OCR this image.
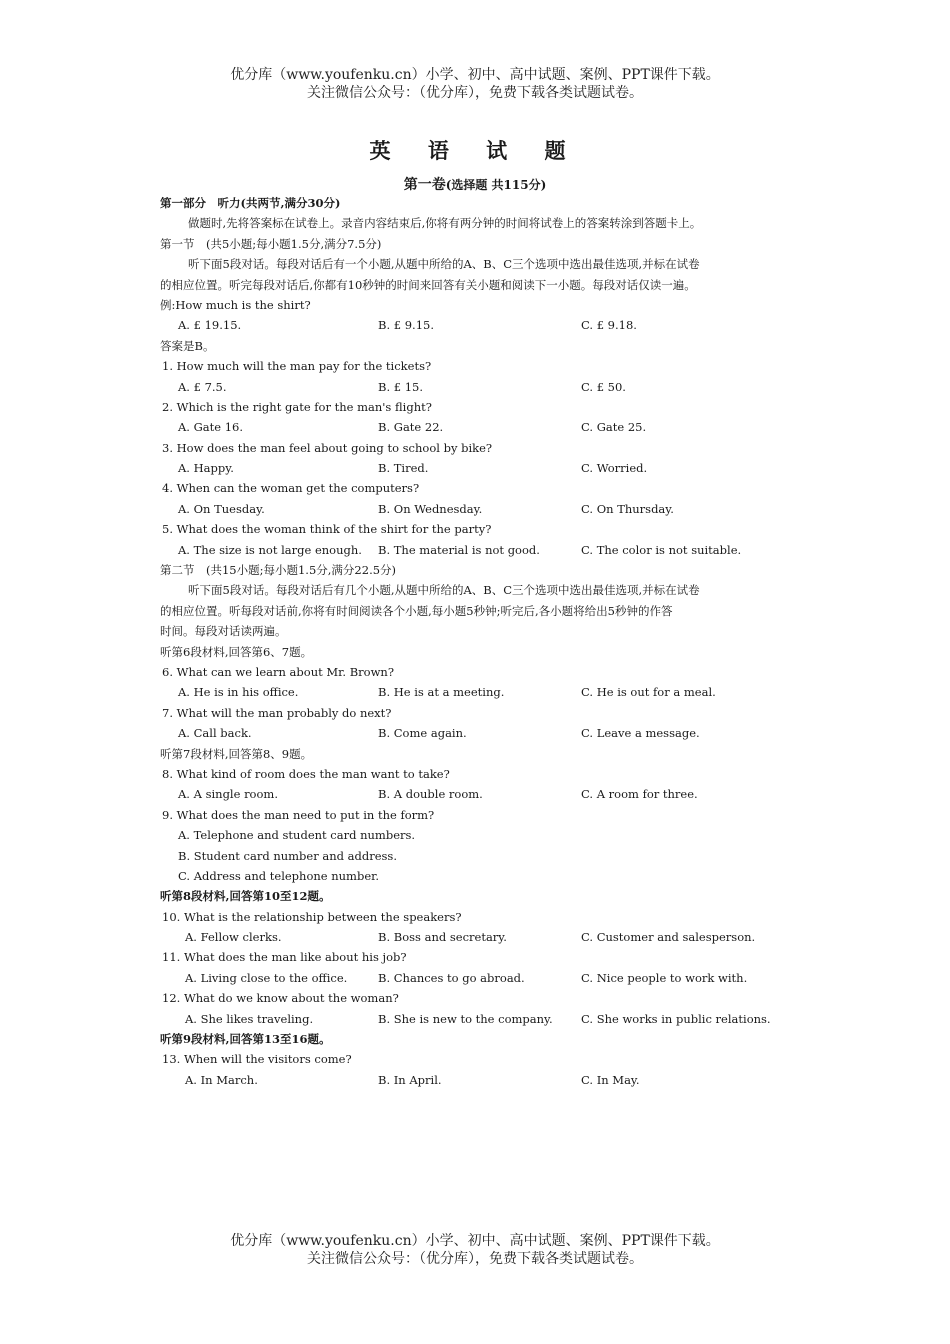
优分库（www.youfenku.cn）小学、初中、高中试题、案例、PPT课件下载。
关注微信公众号：（优分库），免费下载各类试题试卷。
英 语 试 题
第一卷(选择题 共115分)
第一部分　听力(共两节,满分30分)
做题时,先将答案标在试卷上。录音内容结束后,你将有两分钟的时间将试卷上的答案转涂到答题卡上。
第一节　(共5小题;每小题1.5分,满分7.5分)
听下面5段对话。每段对话后有一个小题,从题中所给的A、B、C三个选项中选出最佳选项,并标在试卷
的相应位置。听完每段对话后,你都有10秒钟的时间来回答有关小题和阅读下一小题。每段对话仅读一遍。
例:How much is the shirt?
A. £ 19.15.	B. £ 9.15.	C. £ 9.18.
答案是B。
1. How much will the man pay for the tickets?
A. £ 7.5.	B. £ 15.	C. £ 50.
2. Which is the right gate for the man's flight?
A. Gate 16.	B. Gate 22.	C. Gate 25.
3. How does the man feel about going to school by bike?
A. Happy.	B. Tired.	C. Worried.
4. When can the woman get the computers?
A. On Tuesday.	B. On Wednesday.	C. On Thursday.
5. What does the woman think of the shirt for the party?
A. The size is not large enough. B. The material is not good.	C. The color is not suitable.
第二节　(共15小题;每小题1.5分,满分22.5分)
听下面5段对话。每段对话后有几个小题,从题中所给的A、B、C三个选项中选出最佳选项,并标在试卷
的相应位置。听每段对话前,你将有时间阅读各个小题,每小题5秒钟;听完后,各小题将给出5秒钟的作答
时间。每段对话读两遍。
听第6段材料,回答第6、7题。
6. What can we learn about Mr. Brown?
A. He is in his office.	B. He is at a meeting.	C. He is out for a meal.
7. What will the man probably do next?
A. Call back.	B. Come again.	C. Leave a message.
听第7段材料,回答第8、9题。
8. What kind of room does the man want to take?
A. A single room.	B. A double room.	C. A room for three.
9. What does the man need to put in the form?
A. Telephone and student card numbers.
B. Student card number and address.
C. Address and telephone number.
听第8段材料,回答第10至12题。
10. What is the relationship between the speakers?
A. Fellow clerks.	B. Boss and secretary.	C. Customer and salesperson.
11. What does the man like about his job?
A. Living close to the office.	B. Chances to go abroad.	C. Nice people to work with.
12. What do we know about the woman?
A. She likes traveling.	B. She is new to the company. C. She works in public relations.
听第9段材料,回答第13至16题。
13. When will the visitors come?
A. In March.	B. In April.	C. In May.
优分库（www.youfenku.cn）小学、初中、高中试题、案例、PPT课件下载。
关注微信公众号：（优分库），免费下载各类试题试卷。
